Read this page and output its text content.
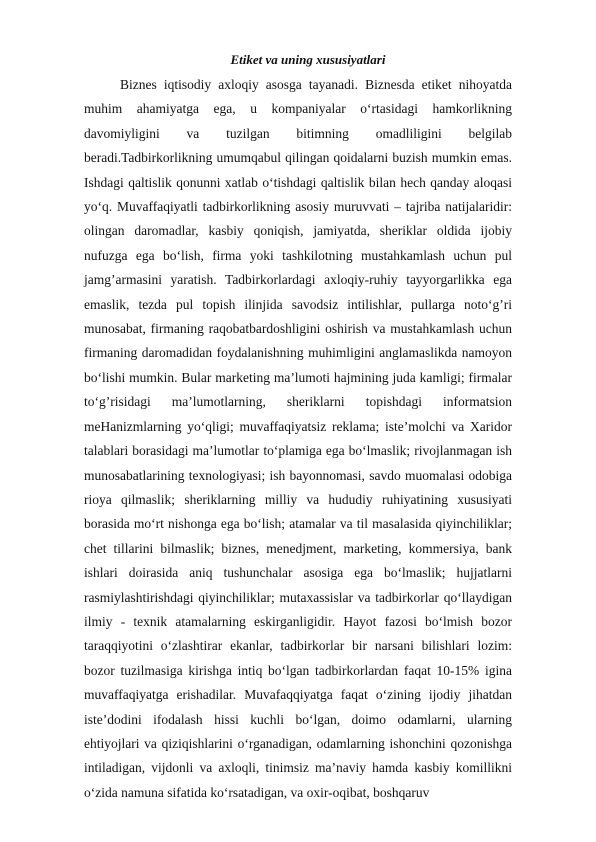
Etiket va uning xususiyatlari

Biznes iqtisodiy axloqiy asosga tayanadi. Biznesda etiket nihoyatda muhim ahamiyatga ega, u kompaniyalar o‘rtasidagi hamkorlikning davomiyligini va tuzilgan bitimning omadliligini belgilab beradi.Tadbirkorlikning umumqabul qilingan qoidalarni buzish mumkin emas. Ishdagi qaltislik qonunni xatlab o‘tishdagi qaltislik bilan hech qanday aloqasi yo‘q. Muvaffaqiyatli tadbirkorlikning asosiy muruvvati – tajriba natijalaridir: olingan daromadlar, kasbiy qoniqish, jamiyatda, sheriklar oldida ijobiy nufuzga ega bo‘lish, firma yoki tashkilotning mustahkamlash uchun pul jamg’armasini yaratish. Tadbirkorlardagi axloqiy-ruhiy tayyorgarlikka ega emaslik, tezda pul topish ilinjida savodsiz intilishlar, pullarga noto‘g’ri munosabat, firmaning raqobatbardoshligini oshirish va mustahkamlash uchun firmaning daromadidan foydalanishning muhimligini anglamaslikda namoyon bo‘lishi mumkin. Bular marketing ma’lumoti hajmining juda kamligi; firmalar to‘g’risidagi ma’lumotlarning, sheriklarni topishdagi informatsion meHanizmlarning yo‘qligi; muvaffaqiyatsiz reklama; iste’molchi va Xaridor talablari borasidagi ma’lumotlar to‘plamiga ega bo‘lmaslik; rivojlanmagan ish munosabatlarining texnologiyasi; ish bayonnomasi, savdo muomalasi odobiga rioya qilmaslik; sheriklarning milliy va hududiy ruhiyatining xususiyati borasida mo‘rt nishonga ega bo‘lish; atamalar va til masalasida qiyinchiliklar; chet tillarini bilmaslik; biznes, menedjment, marketing, kommersiya, bank ishlari doirasida aniq tushunchalar asosiga ega bo‘lmaslik; hujjatlarni rasmiylashtirishdagi qiyinchiliklar; mutaxassislar va tadbirkorlar qo‘llaydigan ilmiy - texnik atamalarning eskirganligidir. Hayot fazosi bo‘lmish bozor taraqqiyotini o‘zlashtirar ekanlar, tadbirkorlar bir narsani bilishlari lozim: bozor tuzilmasiga kirishga intiq bo‘lgan tadbirkorlardan faqat 10-15% igina muvaffaqiyatga erishadilar. Muvafaqqiyatga faqat o‘zining ijodiy jihatdan iste’dodini ifodalash hissi kuchli bo‘lgan, doimo odamlarni, ularning ehtiyojlari va qiziqishlarini o‘rganadigan, odamlarning ishonchini qozonishga intiladigan, vijdonli va axloqli, tinimsiz ma’naviy hamda kasbiy komillikni o‘zida namuna sifatida ko‘rsatadigan, va oxir-oqibat, boshqaruv
